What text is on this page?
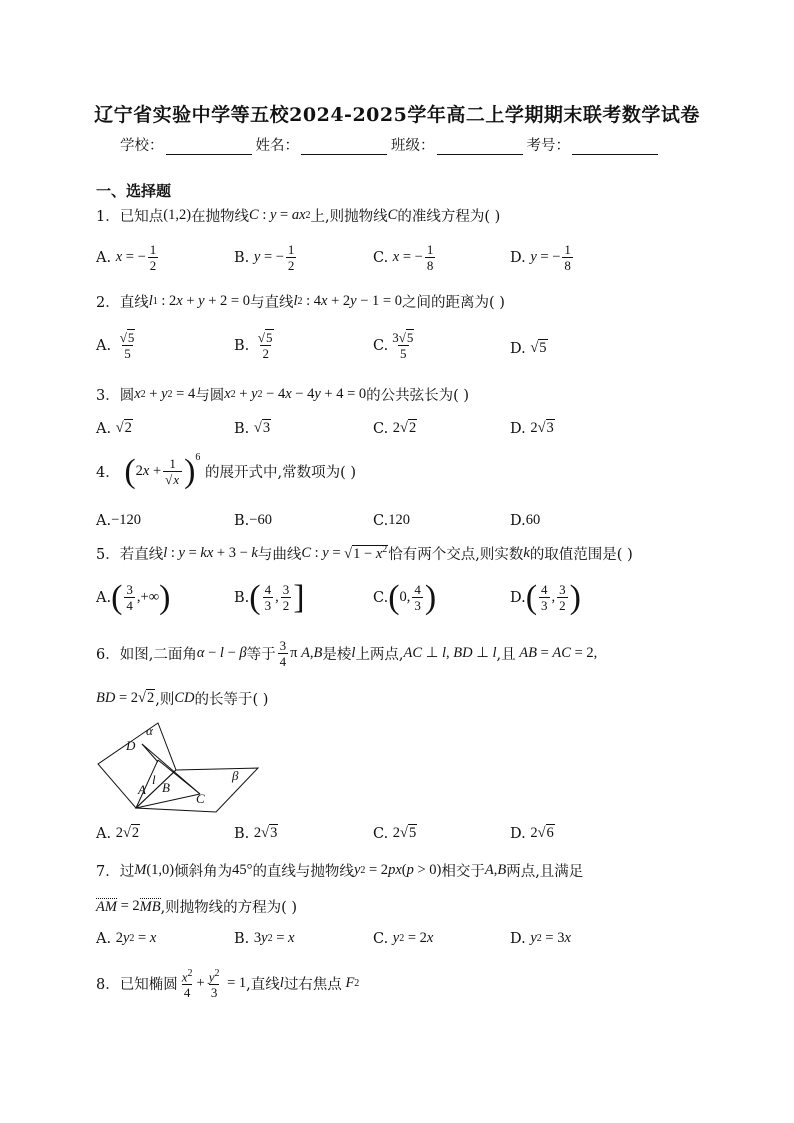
辽宁省实验中学等五校2024-2025学年高二上学期期末联考数学试卷
学校：	姓名：	班级：	考号：
一、选择题
1． 已知点 (1,2) 在抛物线 C : y = ax 2 上,则抛物线 C 的准线方程为( )
A.
x = − $\frac{1}{2}$	B.
y = − $\frac{1}{2}$	C.
x = − $\frac{1}{8}$	D.
y = − $\frac{1}{8}$
2． 直线 l 1 : 2 x + y + 2 = 0 与直线 l 2 : 4 x + 2 y − 1 = 0 之间的距离为( )
A.
$\frac{√5}{5}$	B.
$\frac{√5}{2}$	C. $\frac{3√5}{5}$	D.
√5
3． 圆 x 2 + y 2 = 4 与圆 x 2 + y 2 − 4 x − 4 y + 4 = 0 的公共弦长为( )
A.
√2	B.
√3	C.
2√2	D.
2√3
4．
( 2 $x + \frac{1}{√x} )^6$

的展开式中,常数项为( )
A. −120	B. −60	C. 120	D. 60
5． 若直线 l : y = kx + 3 − k 与曲线 C : $y = √1 - x^2$ 恰有两个交点,则实数 k 的取值范围是( )
A. ( $\frac{3}{4}$ ,+∞ )	B. ( $\frac{4}{3}$ , $\frac{3}{2}$ ]	C. ( 0, $\frac{4}{3}$ )	D. ( $\frac{4}{3}$ , $\frac{3}{2}$ )
6． 如图,二面角 α − l − β 等于 $\frac{3}{4}$ π A , B 是棱 l 上两点, AC ⊥ l , BD ⊥ l ,且 AB = AC = 2,
BD = 2√2 ,则 CD 的长等于( )
α
D
l
A B
C
β
A.
2√2	B.
2√3	C.
2√5	D.
2√6
7． 过 M (1,0) 倾斜角为 45° 的直线与抛物线 y 2 = 2 px ( p > 0) 相交于 A , B 两点,且满足
AM = 2 MB ,则抛物线的方程为( )
A.
2 y 2 = x	B.
3 y 2 = x	C.
y 2 = 2 x	D.
y 2 = 3 x
8． 已知椭圆 $\frac{x^2}{4} + \frac{y^2}{3} = 1$ ,直线 l 过右焦点 F 2
